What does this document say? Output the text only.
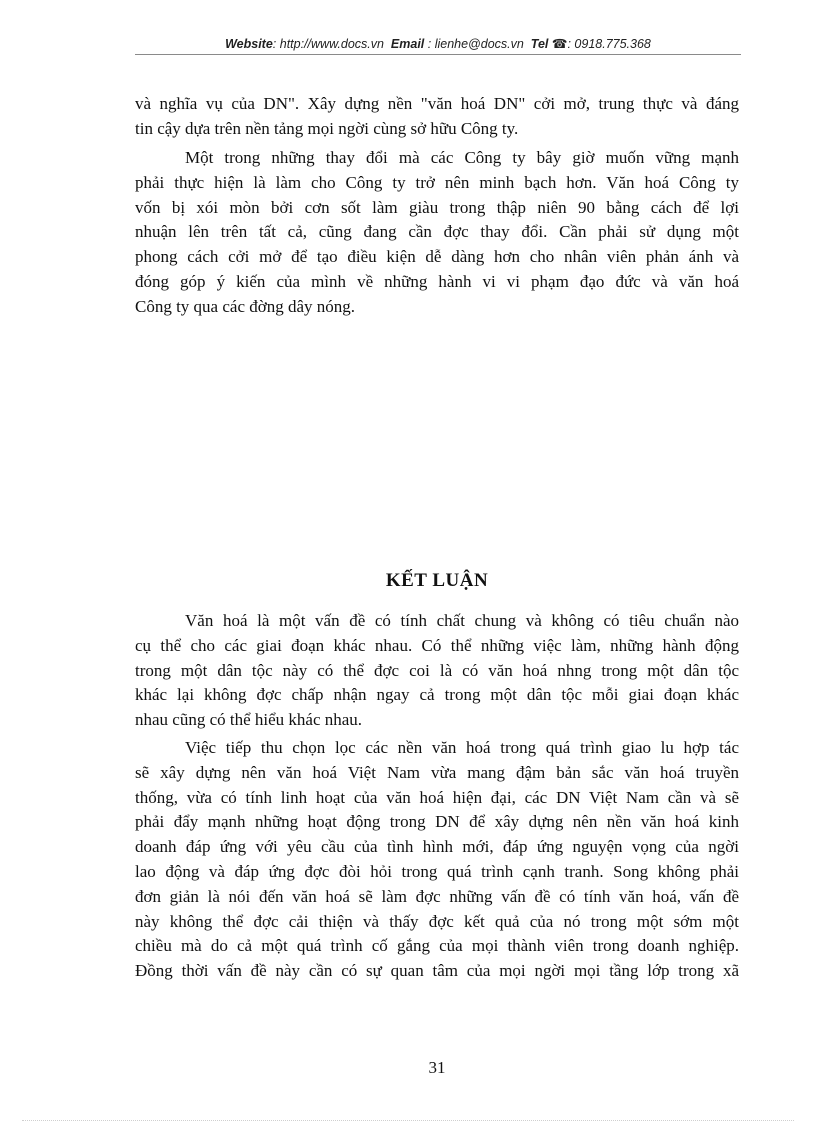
Website: http://www.docs.vn Email : lienhe@docs.vn Tel ☎: 0918.775.368
và nghĩa vụ của DN". Xây dựng nền "văn hoá DN" cởi mở, trung thực và đáng
tin cậy dựa trên nền tảng mọi ngời cùng sở hữu Công ty.
Một trong những thay đổi mà các Công ty bây giờ muốn vững mạnh
phải thực hiện là làm cho Công ty trở nên minh bạch hơn. Văn hoá Công ty
vốn bị xói mòn bởi cơn sốt làm giàu trong thập niên 90 bằng cách để lợi
nhuận lên trên tất cả, cũng đang cần đợc thay đổi. Cần phải sử dụng một
phong cách cởi mở để tạo điều kiện dễ dàng hơn cho nhân viên phản ánh và
đóng góp ý kiến của mình về những hành vi vi phạm đạo đức và văn hoá
Công ty qua các đờng dây nóng.
KẾT LUẬN
Văn hoá là một vấn đề có tính chất chung và không có tiêu chuẩn nào
cụ thể cho các giai đoạn khác nhau. Có thể những việc làm, những hành động
trong một dân tộc này có thể đợc coi là có văn hoá nhng trong một dân tộc
khác lại không đợc chấp nhận ngay cả trong một dân tộc mỗi giai đoạn khác
nhau cũng có thể hiểu khác nhau.
Việc tiếp thu chọn lọc các nền văn hoá trong quá trình giao lu hợp tác
sẽ xây dựng nên văn hoá Việt Nam vừa mang đậm bản sắc văn hoá truyền
thống, vừa có tính linh hoạt của văn hoá hiện đại, các DN Việt Nam cần và sẽ
phải đẩy mạnh những hoạt động trong DN để xây dựng nên nền văn hoá kinh
doanh đáp ứng với yêu cầu của tình hình mới, đáp ứng nguyện vọng của ngời
lao động và đáp ứng đợc đòi hỏi trong quá trình cạnh tranh. Song không phải
đơn giản là nói đến văn hoá sẽ làm đợc những vấn đề có tính văn hoá, vấn đề
này không thể đợc cải thiện và thấy đợc kết quả của nó trong một sớm một
chiều mà do cả một quá trình cố gắng của mọi thành viên trong doanh nghiệp.
Đồng thời vấn đề này cần có sự quan tâm của mọi ngời mọi tầng lớp trong xã
31
